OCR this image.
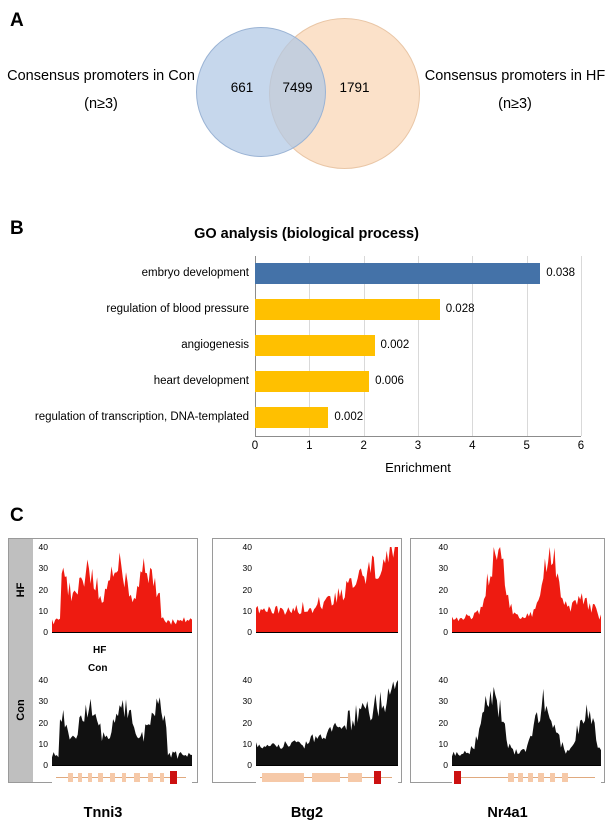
A
Consensus promoters in Con (n≥3)
Consensus promoters in HF (n≥3)
661	7499	1791
B	GO analysis (biological process)
embryo development	0.038
regulation of blood pressure	0.028
angiogenesis	0.002
heart development	0.006
regulation of transcription, DNA-templated	0.002
0	1	2	3	4	5	6
Enrichment
C
HF
Con
40
30
20
10
0
40
30
20
10
0
40
30
20
10
0
40
30
20
10
0
40
30
20
10
0
40
30
20
10
0
HF
Con
Tnni3	Btg2	Nr4a1
